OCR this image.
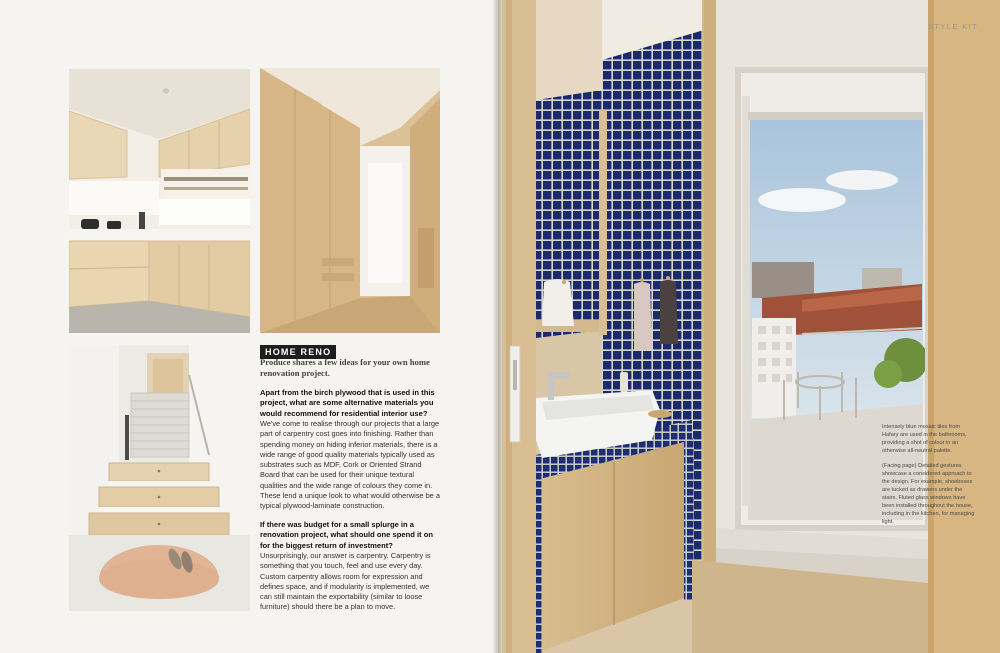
HOME RENO
Produce shares a few ideas for your own home renovation project.
Apart from the birch plywood that is used in this project, what are some alternative materials you would recommend for residential interior use?
We've come to realise through our projects that a large part of carpentry cost goes into finishing. Rather than spending money on hiding inferior materials, there is a wide range of good quality materials typically used as substrates such as MDF, Cork or Oriented Strand Board that can be used for their unique textural qualities and the wide range of colours they come in. These lend a unique look to what would otherwise be a typical plywood-laminate construction.
If there was budget for a small splurge in a renovation project, what should one spend it on for the biggest return of investment?
Unsurprisingly, our answer is carpentry. Carpentry is something that you touch, feel and use every day. Custom carpentry allows room for expression and defines space, and if modularity is implemented, we can still maintain the exportability (similar to loose furniture) should there be a plan to move.
STYLE KIT

Intensely blue mosaic tiles from Hafary are used in the bathrooms, providing a shot of colour in an otherwise all-neutral palette.

(Facing page) Detailed gestures showcase a considered approach to the design. For example, shoeboxes are tucked as drawers under the stairs. Fluted glass windows have been installed throughout the house, including in the kitchen, for managing light.
